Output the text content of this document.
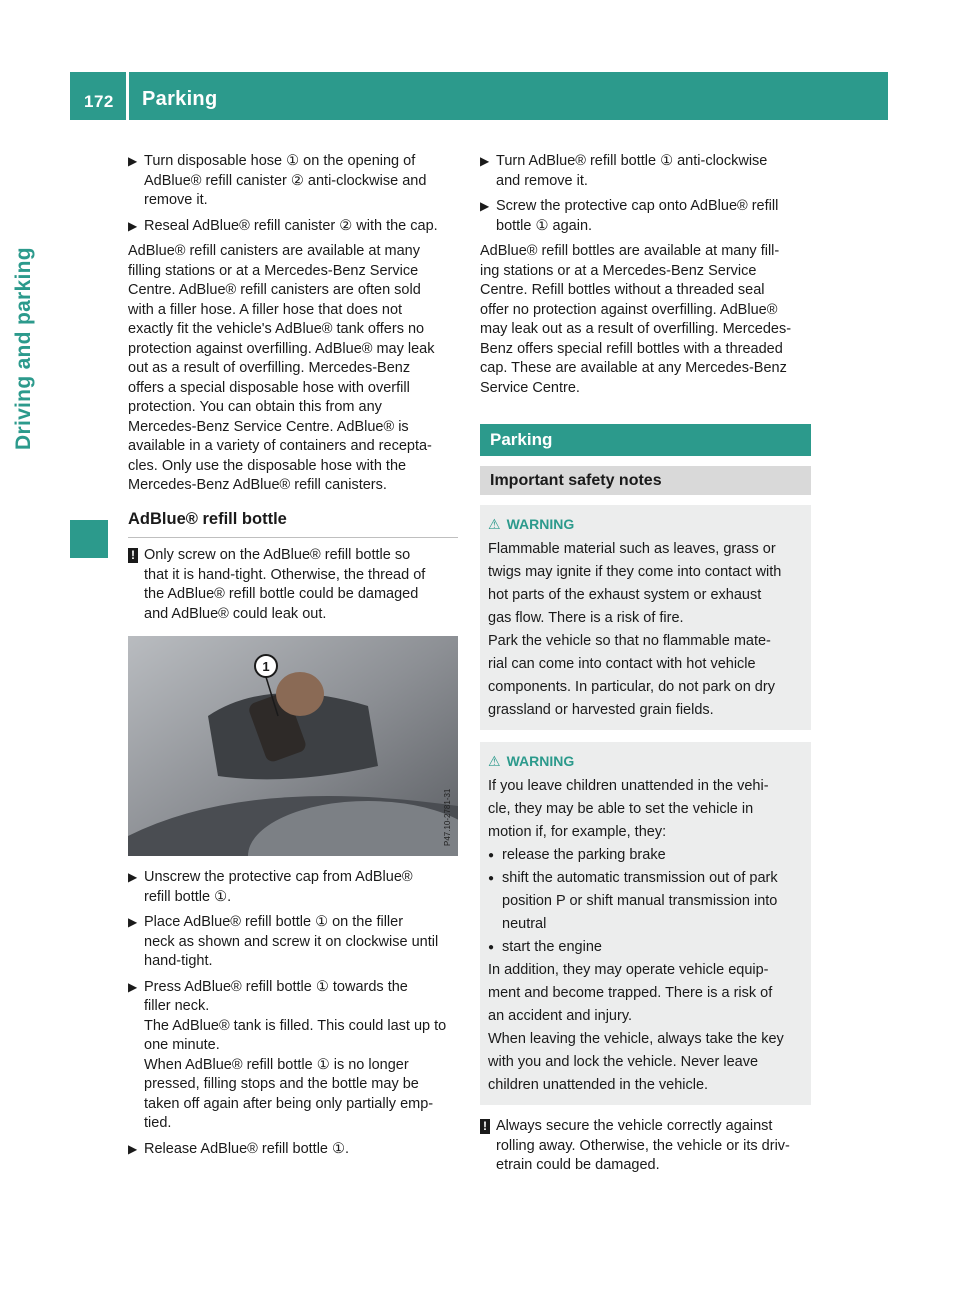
172 Parking
Driving and parking
▶ Turn disposable hose ① on the opening of
AdBlue® refill canister ② anti-clockwise and
remove it.
▶ Reseal AdBlue® refill canister ② with the cap.
AdBlue® refill canisters are available at many
filling stations or at a Mercedes-Benz Service
Centre. AdBlue® refill canisters are often sold
with a filler hose. A filler hose that does not
exactly fit the vehicle's AdBlue® tank offers no
protection against overfilling. AdBlue® may leak
out as a result of overfilling. Mercedes-Benz
offers a special disposable hose with overfill
protection. You can obtain this from any
Mercedes-Benz Service Centre. AdBlue® is
available in a variety of containers and recepta-
cles. Only use the disposable hose with the
Mercedes-Benz AdBlue® refill canisters.
AdBlue® refill bottle
! Only screw on the AdBlue® refill bottle so
that it is hand-tight. Otherwise, the thread of
the AdBlue® refill bottle could be damaged
and AdBlue® could leak out.
1
P47.10-2781-31
▶ Unscrew the protective cap from AdBlue®
refill bottle ①.
▶ Place AdBlue® refill bottle ① on the filler
neck as shown and screw it on clockwise until
hand-tight.
▶ Press AdBlue® refill bottle ① towards the
filler neck.
The AdBlue® tank is filled. This could last up to
one minute.
When AdBlue® refill bottle ① is no longer
pressed, filling stops and the bottle may be
taken off again after being only partially emp-
tied.
▶ Release AdBlue® refill bottle ①.
▶ Turn AdBlue® refill bottle ① anti-clockwise
and remove it.
▶ Screw the protective cap onto AdBlue® refill
bottle ① again.
AdBlue® refill bottles are available at many fill-
ing stations or at a Mercedes-Benz Service
Centre. Refill bottles without a threaded seal
offer no protection against overfilling. AdBlue®
may leak out as a result of overfilling. Mercedes-
Benz offers special refill bottles with a threaded
cap. These are available at any Mercedes-Benz
Service Centre.
Parking
Important safety notes
⚠ WARNING
Flammable material such as leaves, grass or
twigs may ignite if they come into contact with
hot parts of the exhaust system or exhaust
gas flow. There is a risk of fire.
Park the vehicle so that no flammable mate-
rial can come into contact with hot vehicle
components. In particular, do not park on dry
grassland or harvested grain fields.
⚠ WARNING
If you leave children unattended in the vehi-
cle, they may be able to set the vehicle in
motion if, for example, they:
● release the parking brake
● shift the automatic transmission out of park
position P or shift manual transmission into
neutral
● start the engine
In addition, they may operate vehicle equip-
ment and become trapped. There is a risk of
an accident and injury.
When leaving the vehicle, always take the key
with you and lock the vehicle. Never leave
children unattended in the vehicle.
! Always secure the vehicle correctly against
rolling away. Otherwise, the vehicle or its driv-
etrain could be damaged.
